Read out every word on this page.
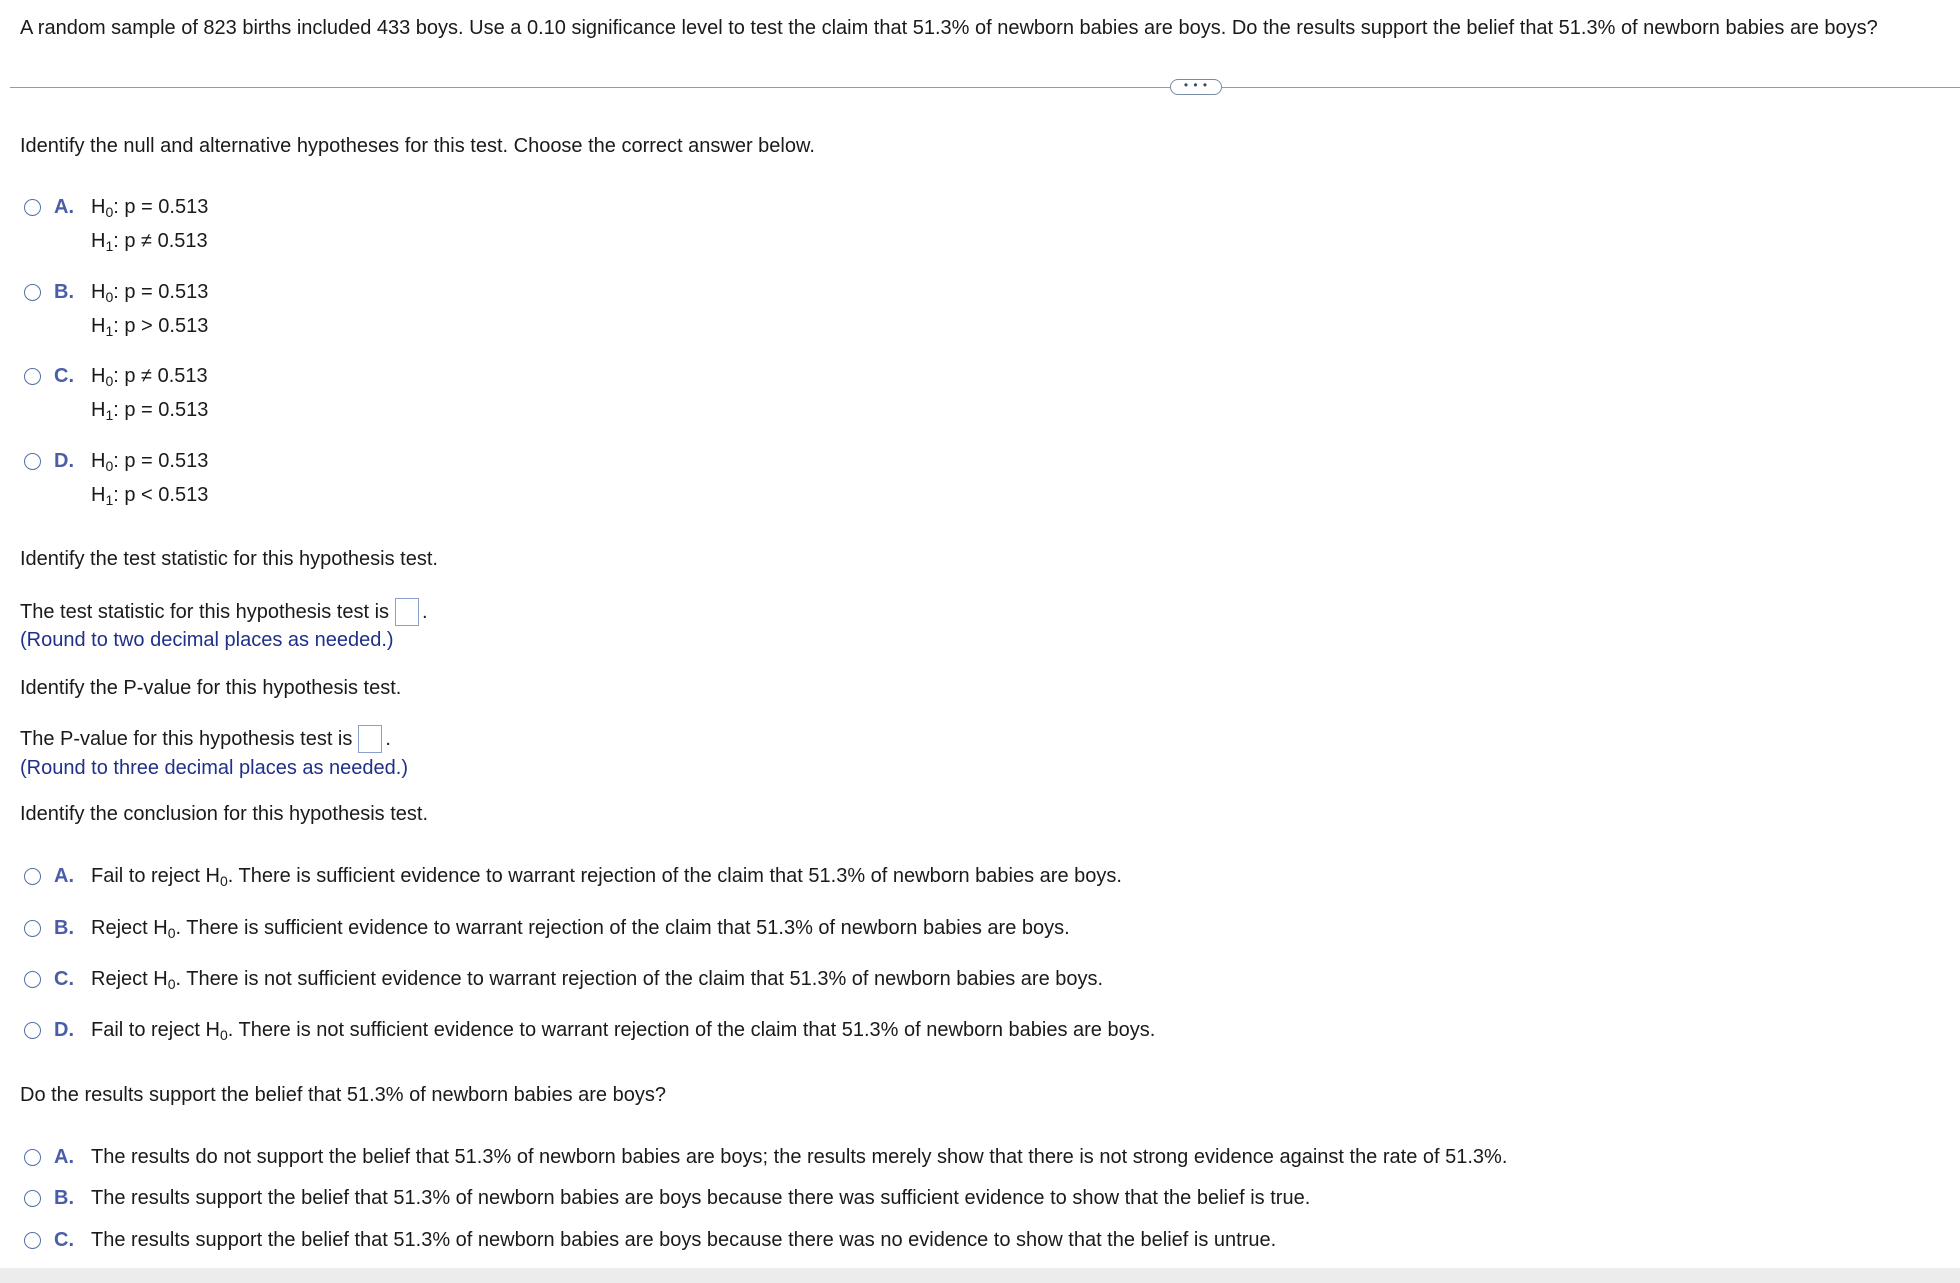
A random sample of 823 births included 433 boys. Use a 0.10 significance level to test the claim that 51.3% of newborn babies are boys. Do the results support the belief that 51.3% of newborn babies are boys?
• • •
Identify the null and alternative hypotheses for this test. Choose the correct answer below.
A. $H_0$: p = 0.513
$H_1$: p ≠ 0.513
B. $H_0$: p = 0.513
$H_1$: p > 0.513
C. $H_0$: p ≠ 0.513
$H_1$: p = 0.513
D. $H_0$: p = 0.513
$H_1$: p < 0.513
Identify the test statistic for this hypothesis test.
The test statistic for this hypothesis test is .
(Round to two decimal places as needed.)
Identify the P-value for this hypothesis test.
The P-value for this hypothesis test is .
(Round to three decimal places as needed.)
Identify the conclusion for this hypothesis test.
A. Fail to reject $H_0$. There is sufficient evidence to warrant rejection of the claim that 51.3% of newborn babies are boys.
B. Reject $H_0$. There is sufficient evidence to warrant rejection of the claim that 51.3% of newborn babies are boys.
C. Reject $H_0$. There is not sufficient evidence to warrant rejection of the claim that 51.3% of newborn babies are boys.
D. Fail to reject $H_0$. There is not sufficient evidence to warrant rejection of the claim that 51.3% of newborn babies are boys.
Do the results support the belief that 51.3% of newborn babies are boys?
A. The results do not support the belief that 51.3% of newborn babies are boys; the results merely show that there is not strong evidence against the rate of 51.3%.
B. The results support the belief that 51.3% of newborn babies are boys because there was sufficient evidence to show that the belief is true.
C. The results support the belief that 51.3% of newborn babies are boys because there was no evidence to show that the belief is untrue.
